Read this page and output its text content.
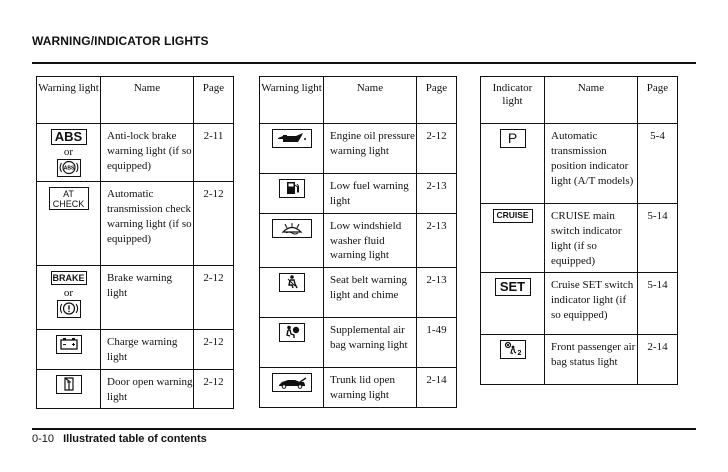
WARNING/INDICATOR LIGHTS
Warning light	Name	Page
ABS
or
ABS	Anti-lock brake warning light (if so equipped)	2-11

AT
CHECK	Automatic transmission check warning light (if so equipped)	2-12
BRAKE
or	Brake warning light	2-12

	Charge warning light	2-12

	Door open warning light	2-12
Warning light	Name	Page

	Engine oil pressure warning light	2-12

	Low fuel warning light	2-13

	Low windshield washer fluid warning light	2-13

	Seat belt warning light and chime	2-13

	Supplemental air bag warning light	1-49

	Trunk lid open warning light	2-14
Indicator light	Name	Page
P	Automatic transmission position indicator light (A/T models)	5-4
CRUISE	CRUISE main switch indicator light (if so equipped)	5-14
SET	Cruise SET switch indicator light (if so equipped)	5-14

2	Front passenger air bag status light	2-14
0-10 Illustrated table of contents
